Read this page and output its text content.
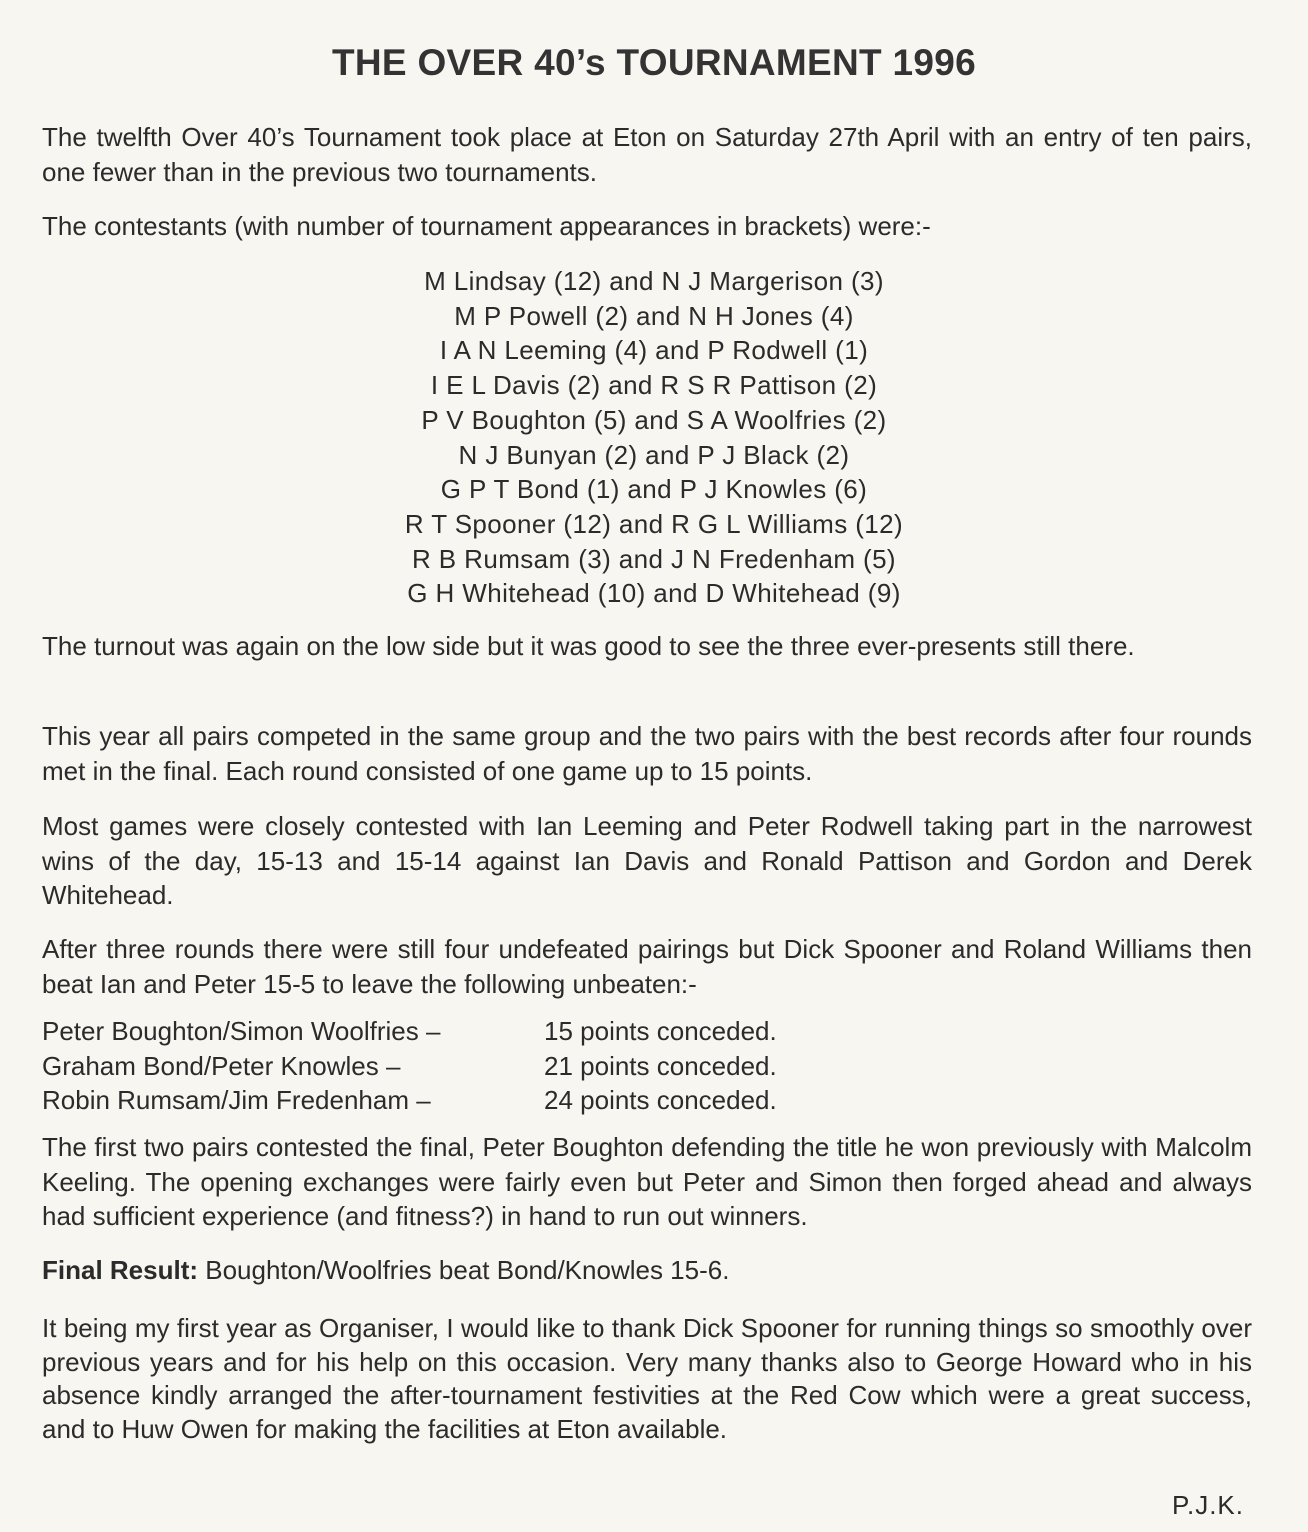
THE OVER 40’s TOURNAMENT 1996

The twelfth Over 40’s Tournament took place at Eton on Saturday 27th April with an entry of ten pairs, one fewer than in the previous two tournaments.

The contestants (with number of tournament appearances in brackets) were:-

M Lindsay (12) and N J Margerison (3)
M P Powell (2) and N H Jones (4)
I A N Leeming (4) and P Rodwell (1)
I E L Davis (2) and R S R Pattison (2)
P V Boughton (5) and S A Woolfries (2)
N J Bunyan (2) and P J Black (2)
G P T Bond (1) and P J Knowles (6)
R T Spooner (12) and R G L Williams (12)
R B Rumsam (3) and J N Fredenham (5)
G H Whitehead (10) and D Whitehead (9)

The turnout was again on the low side but it was good to see the three ever-presents still there.

This year all pairs competed in the same group and the two pairs with the best records after four rounds met in the final. Each round consisted of one game up to 15 points.

Most games were closely contested with Ian Leeming and Peter Rodwell taking part in the narrowest wins of the day, 15-13 and 15-14 against Ian Davis and Ronald Pattison and Gordon and Derek Whitehead.

After three rounds there were still four undefeated pairings but Dick Spooner and Roland Williams then beat Ian and Peter 15-5 to leave the following unbeaten:-

Peter Boughton/Simon Woolfries –	15 points conceded.
Graham Bond/Peter Knowles –	21 points conceded.
Robin Rumsam/Jim Fredenham –	24 points conceded.

The first two pairs contested the final, Peter Boughton defending the title he won previously with Malcolm Keeling. The opening exchanges were fairly even but Peter and Simon then forged ahead and always had sufficient experience (and fitness?) in hand to run out winners.

Final Result: Boughton/Woolfries beat Bond/Knowles 15-6.

It being my first year as Organiser, I would like to thank Dick Spooner for running things so smoothly over previous years and for his help on this occasion. Very many thanks also to George Howard who in his absence kindly arranged the after-tournament festivities at the Red Cow which were a great success, and to Huw Owen for making the facilities at Eton available.

P.J.K.
